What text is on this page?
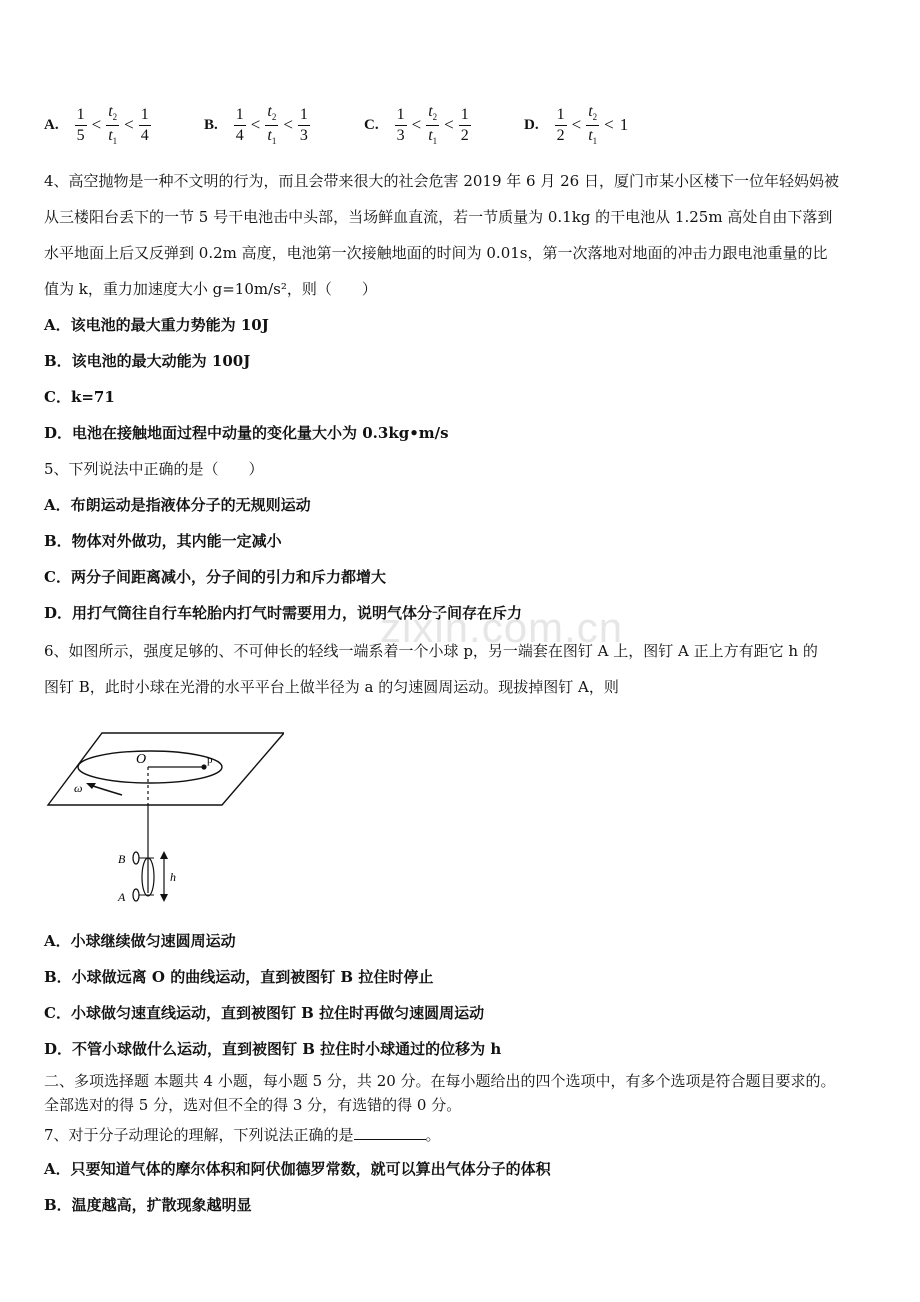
A. $\frac{1}{5} < \frac{t_2}{t_1} < \frac{1}{4}$	B. $\frac{1}{4} < \frac{t_2}{t_1} < \frac{1}{3}$	C. $\frac{1}{3} < \frac{t_2}{t_1} < \frac{1}{2}$	D. $\frac{1}{2} < \frac{t_2}{t_1} < 1$
4、高空抛物是一种不文明的行为，而且会带来很大的社会危害 2019 年 6 月 26 日，厦门市某小区楼下一位年轻妈妈被
从三楼阳台丢下的一节 5 号干电池击中头部，当场鲜血直流，若一节质量为 0.1kg 的干电池从 1.25m 高处自由下落到
水平地面上后又反弹到 0.2m 高度，电池第一次接触地面的时间为 0.01s，第一次落地对地面的冲击力跟电池重量的比
值为 k，重力加速度大小 g=10m/s²，则（　　）
A．该电池的最大重力势能为 10J
B．该电池的最大动能为 100J
C．k=71
D．电池在接触地面过程中动量的变化量大小为 0.3kg•m/s
5、下列说法中正确的是（　　）
A．布朗运动是指液体分子的无规则运动
B．物体对外做功，其内能一定减小
C．两分子间距离减小，分子间的引力和斥力都增大
D．用打气筒往自行车轮胎内打气时需要用力，说明气体分子间存在斥力
zixin.com.cn
6、如图所示，强度足够的、不可伸长的轻线一端系着一个小球 p，另一端套在图钉 A 上，图钉 A 正上方有距它 h 的
图钉 B，此时小球在光滑的水平平台上做半径为 a 的匀速圆周运动。现拔掉图钉 A，则
p
O
ω
B
A
h
A．小球继续做匀速圆周运动
B．小球做远离 O 的曲线运动，直到被图钉 B 拉住时停止
C．小球做匀速直线运动，直到被图钉 B 拉住时再做匀速圆周运动
D．不管小球做什么运动，直到被图钉 B 拉住时小球通过的位移为 h
二、多项选择题 本题共 4 小题，每小题 5 分，共 20 分。在每小题给出的四个选项中，有多个选项是符合题目要求的。
全部选对的得 5 分，选对但不全的得 3 分，有选错的得 0 分。
7、对于分子动理论的理解，下列说法正确的是	。
A．只要知道气体的摩尔体积和阿伏伽德罗常数，就可以算出气体分子的体积
B．温度越高，扩散现象越明显
